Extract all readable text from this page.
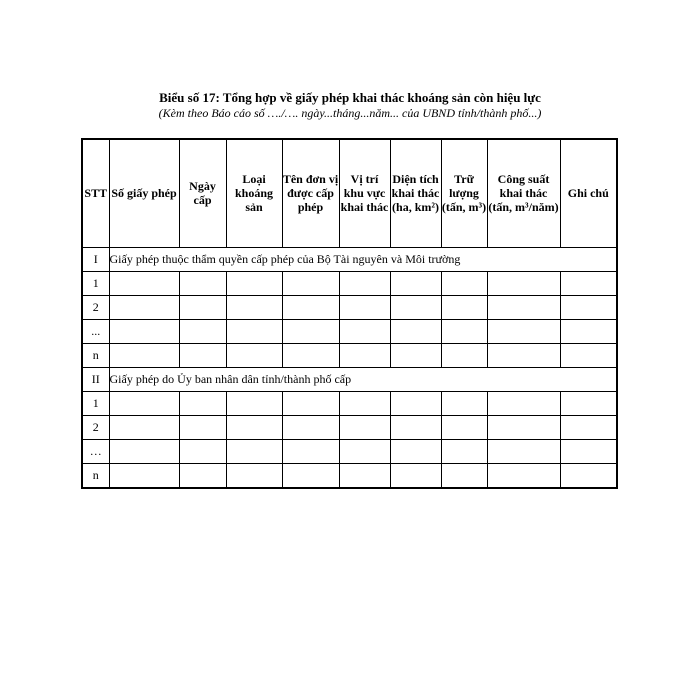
Biểu số 17: Tổng hợp về giấy phép khai thác khoáng sản còn hiệu lực
(Kèm theo Báo cáo số …./…. ngày...tháng...năm... của UBND tỉnh/thành phố...)
STT	Số giấy phép	Ngày cấp	Loại khoáng sản	Tên đơn vị được cấp phép	Vị trí khu vực khai thác	Diện tích khai thác (ha, km²)	Trữ lượng (tấn, m³)	Công suất khai thác (tấn, m³/năm)	Ghi chú
I	Giấy phép thuộc thẩm quyền cấp phép của Bộ Tài nguyên và Môi trường								
1									
2									
...									
n									
II	Giấy phép do Ủy ban nhân dân tỉnh/thành phố cấp								
1									
2									
…									
n									
